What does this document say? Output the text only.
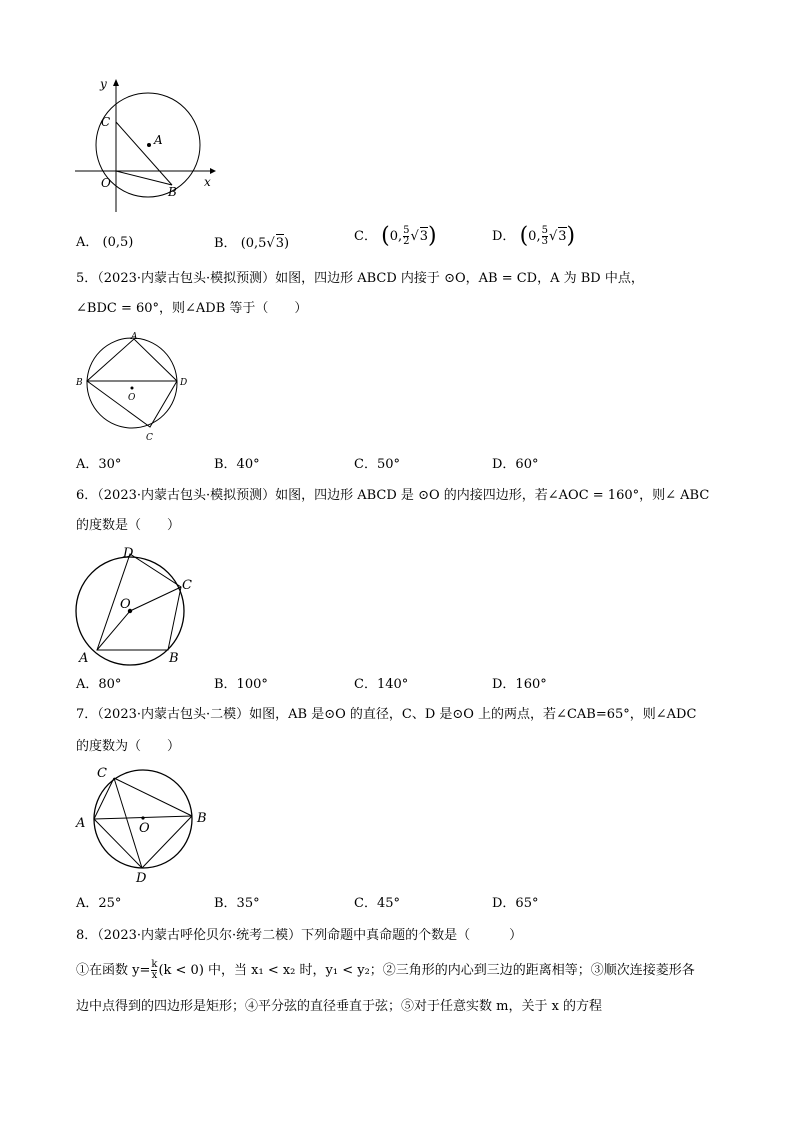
y
x
C
A
O
B
A． (0,5)	B． (0,5√3)	C． (0, $\frac{5}{2} √3$)	D． (0, $\frac{5}{3} √3$)
5．（2023·内蒙古包头·模拟预测）如图，四边形 ABCD 内接于 ⊙O，AB = CD，A 为 BD 中点，
∠BDC = 60°，则∠ADB 等于（　　）
A
B	D
O
C
A．30°	B．40°	C．50°	D．60°
6．（2023·内蒙古包头·模拟预测）如图，四边形 ABCD 是 ⊙O 的内接四边形，若∠AOC = 160°，则∠ ABC
的度数是（　　）
D
C
O
A	B
A．80°	B．100°	C．140°	D．160°
7．（2023·内蒙古包头·二模）如图，AB 是⊙O 的直径，C、D 是⊙O 上的两点，若∠CAB=65°，则∠ADC
的度数为（　　）
C
A	O
B
D
A．25°	B．35°	C．45°	D．65°
8．（2023·内蒙古呼伦贝尔·统考二模）下列命题中真命题的个数是（　　　）
①在函数 $y= \frac{k}{x} (k < 0)$ 中，当 x₁ < x₂ 时，y₁ < y₂；②三角形的内心到三边的距离相等；③顺次连接菱形各
边中点得到的四边形是矩形；④平分弦的直径垂直于弦；⑤对于任意实数 m，关于 x 的方程
